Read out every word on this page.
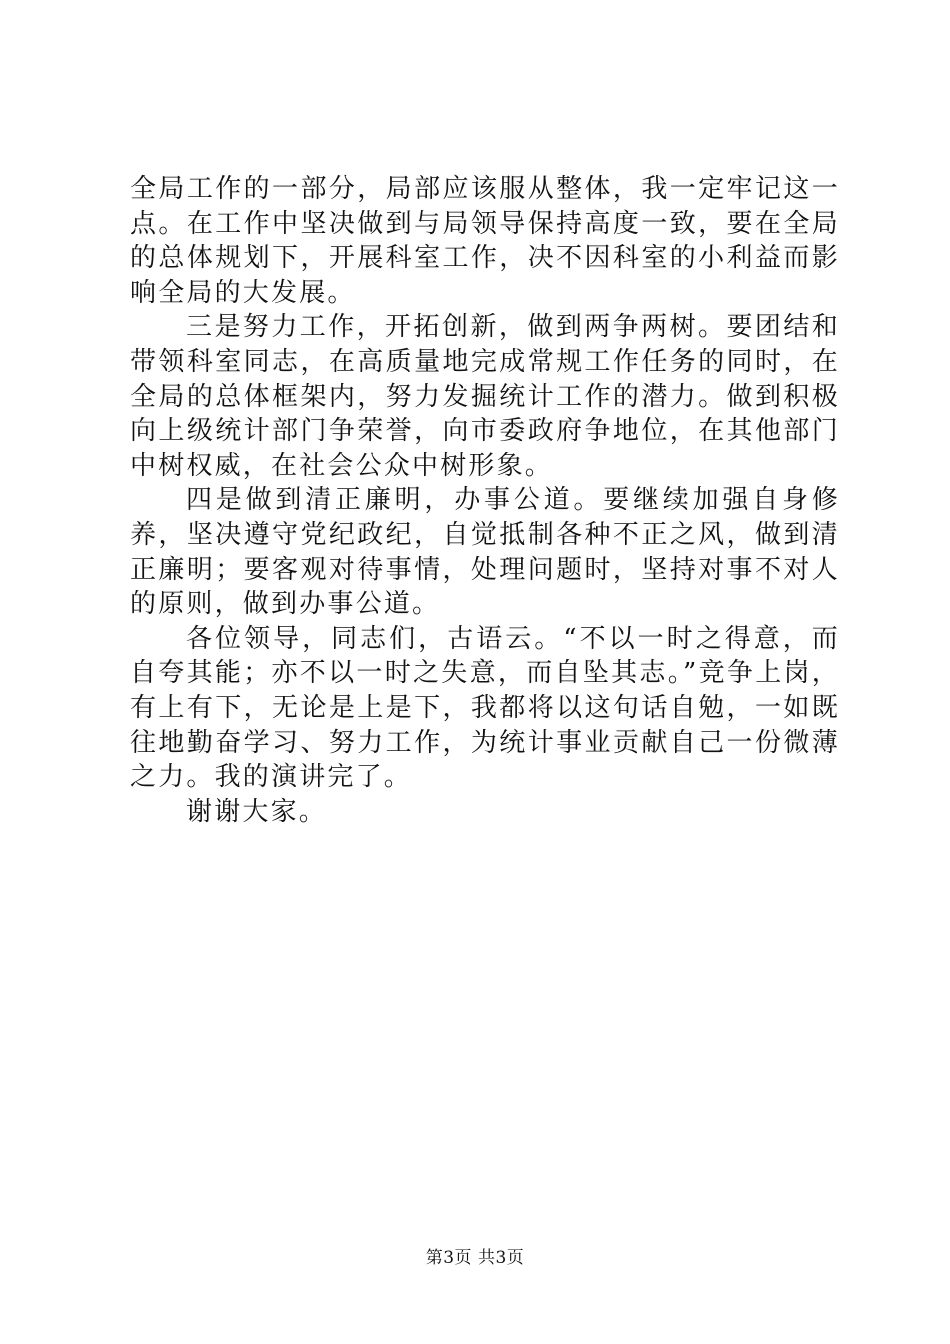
全局工作的一部分，局部应该服从整体，我一定牢记这一点。在工作中坚决做到与局领导保持高度一致，要在全局的总体规划下，开展科室工作，决不因科室的小利益而影响全局的大发展。

三是努力工作，开拓创新，做到两争两树。要团结和带领科室同志，在高质量地完成常规工作任务的同时，在全局的总体框架内，努力发掘统计工作的潜力。做到积极向上级统计部门争荣誉，向市委政府争地位，在其他部门中树权威，在社会公众中树形象。

四是做到清正廉明，办事公道。要继续加强自身修养，坚决遵守党纪政纪，自觉抵制各种不正之风，做到清正廉明；要客观对待事情，处理问题时，坚持对事不对人的原则，做到办事公道。

各位领导，同志们，古语云。“不以一时之得意，而自夸其能；亦不以一时之失意，而自坠其志。”竞争上岗，有上有下，无论是上是下，我都将以这句话自勉，一如既往地勤奋学习、努力工作，为统计事业贡献自己一份微薄之力。我的演讲完了。

谢谢大家。

第3页 共3页
